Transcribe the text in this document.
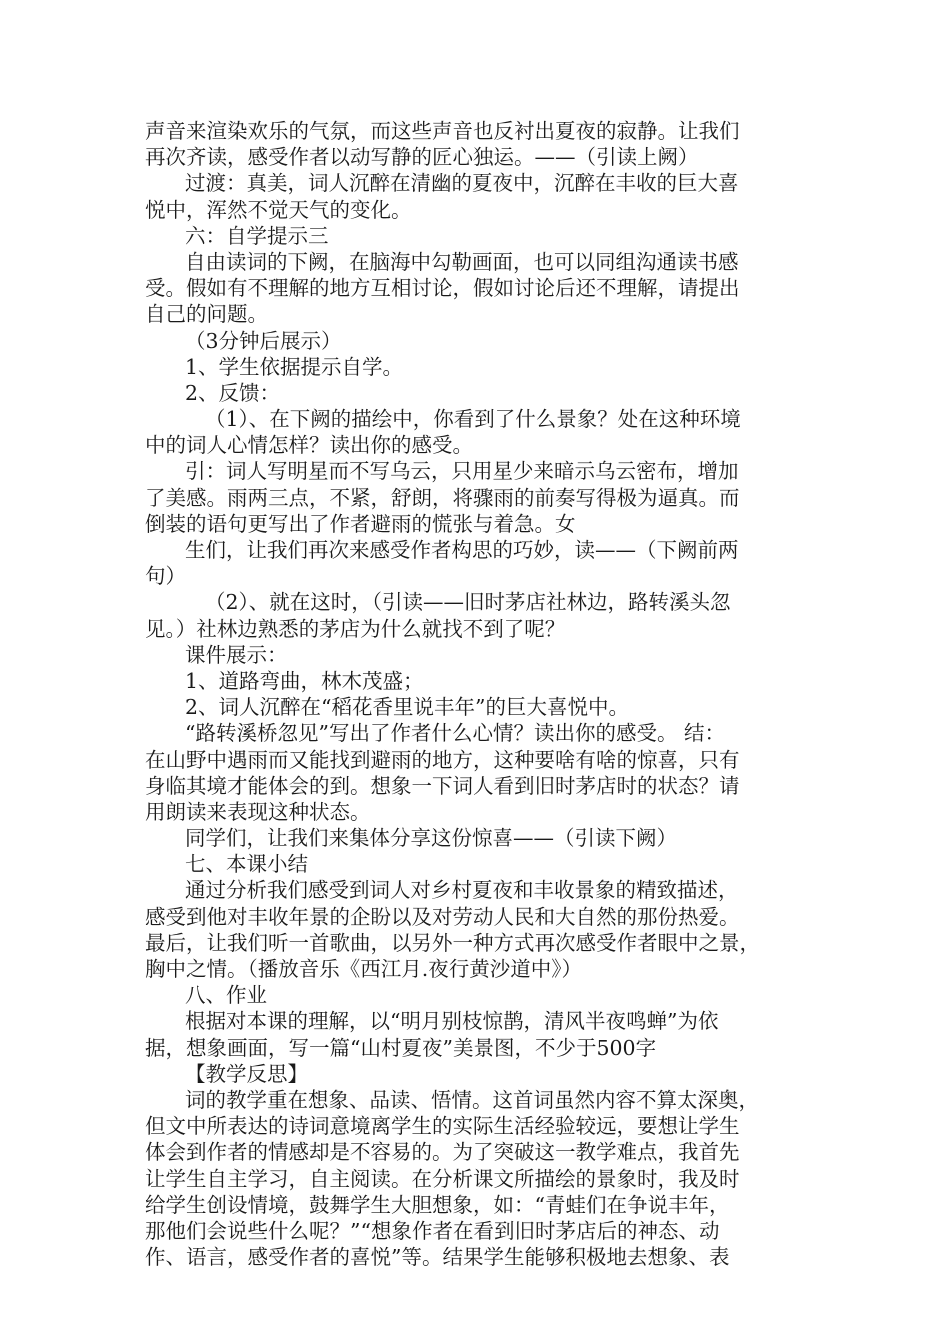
声音来渲染欢乐的气氛，而这些声音也反衬出夏夜的寂静。让我们
再次齐读，感受作者以动写静的匠心独运。——（引读上阙）
过渡：真美，词人沉醉在清幽的夏夜中，沉醉在丰收的巨大喜
悦中，浑然不觉天气的变化。
六：自学提示三
自由读词的下阙，在脑海中勾勒画面，也可以同组沟通读书感
受。假如有不理解的地方互相讨论，假如讨论后还不理解，请提出
自己的问题。
（3分钟后展示）
1、学生依据提示自学。
2、反馈：
（1）、在下阙的描绘中，你看到了什么景象？处在这种环境
中的词人心情怎样？读出你的感受。
引：词人写明星而不写乌云，只用星少来暗示乌云密布，增加
了美感。雨两三点，不紧，舒朗，将骤雨的前奏写得极为逼真。而
倒装的语句更写出了作者避雨的慌张与着急。女
生们，让我们再次来感受作者构思的巧妙，读——（下阙前两
句）
（2）、就在这时，（引读——旧时茅店社林边，路转溪头忽
见。）社林边熟悉的茅店为什么就找不到了呢？
课件展示：
1、道路弯曲，林木茂盛；
2、词人沉醉在“稻花香里说丰年”的巨大喜悦中。
“路转溪桥忽见”写出了作者什么心情？读出你的感受。 结：
在山野中遇雨而又能找到避雨的地方，这种要啥有啥的惊喜，只有
身临其境才能体会的到。想象一下词人看到旧时茅店时的状态？请
用朗读来表现这种状态。
同学们，让我们来集体分享这份惊喜——（引读下阙）
七、本课小结
通过分析我们感受到词人对乡村夏夜和丰收景象的精致描述，
感受到他对丰收年景的企盼以及对劳动人民和大自然的那份热爱。
最后，让我们听一首歌曲，以另外一种方式再次感受作者眼中之景，
胸中之情。（播放音乐《西江月.夜行黄沙道中》）
八、作业
根据对本课的理解，以“明月别枝惊鹊，清风半夜鸣蝉”为依
据，想象画面，写一篇“山村夏夜”美景图，不少于500字
【教学反思】
词的教学重在想象、品读、悟情。这首词虽然内容不算太深奥，
但文中所表达的诗词意境离学生的实际生活经验较远，要想让学生
体会到作者的情感却是不容易的。为了突破这一教学难点，我首先
让学生自主学习，自主阅读。在分析课文所描绘的景象时，我及时
给学生创设情境，鼓舞学生大胆想象，如：“青蛙们在争说丰年，
那他们会说些什么呢？”“想象作者在看到旧时茅店后的神态、动
作、语言，感受作者的喜悦”等。结果学生能够积极地去想象、表
